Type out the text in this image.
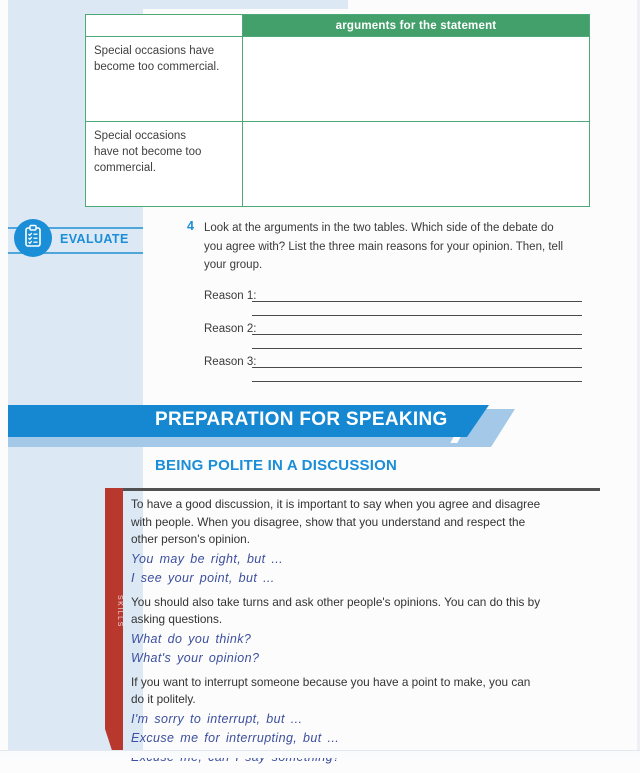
arguments for the statement
Special occasions have
become too commercial.
Special occasions
have not become too
commercial.
EVALUATE
4 Look at the arguments in the two tables. Which side of the debate do
you agree with? List the three main reasons for your opinion. Then, tell
your group.
Reason 1:
Reason 2:
Reason 3:
PREPARATION FOR SPEAKING
BEING POLITE IN A DISCUSSION
SKILLS
To have a good discussion, it is important to say when you agree and disagree
with people. When you disagree, show that you understand and respect the
other person's opinion.
You may be right, but ...
I see your point, but ...
You should also take turns and ask other people's opinions. You can do this by
asking questions.
What do you think?
What's your opinion?
If you want to interrupt someone because you have a point to make, you can
do it politely.
I'm sorry to interrupt, but ...
Excuse me for interrupting, but ...
